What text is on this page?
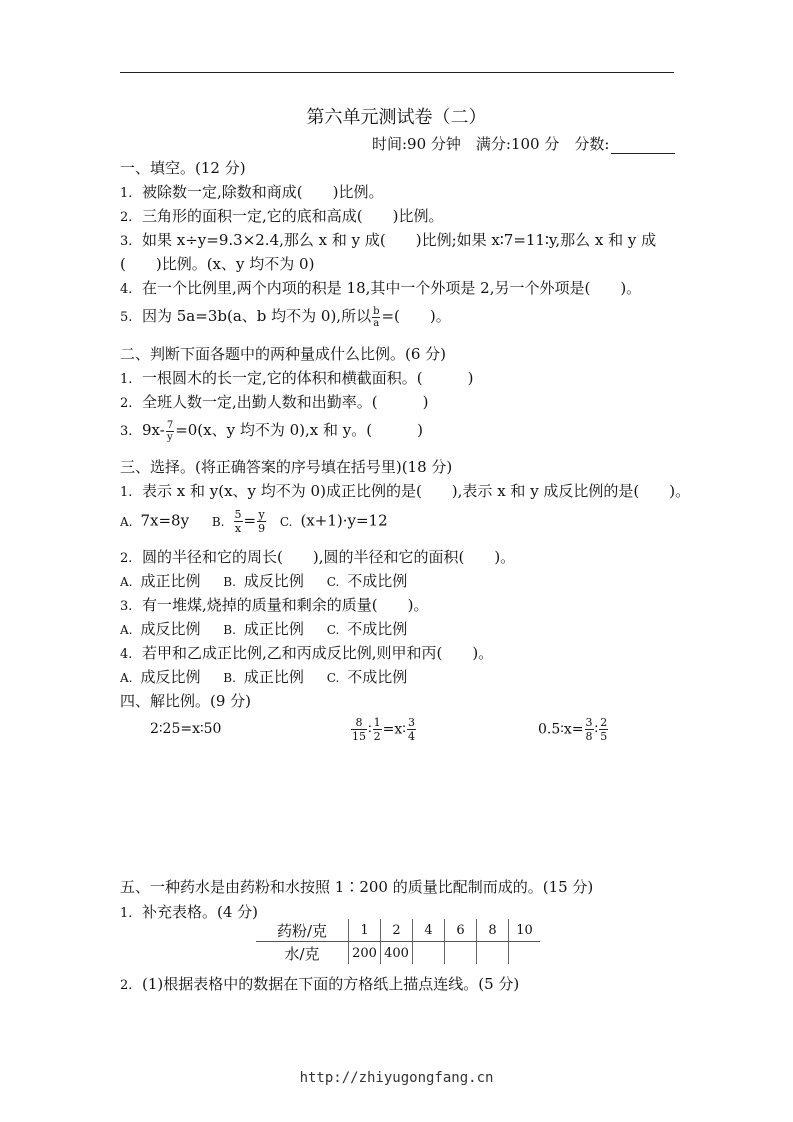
第六单元测试卷（二）
时间:90 分钟　满分:100 分　分数:
一、填空。(12 分)
1. 被除数一定,除数和商成(　　)比例。
2. 三角形的面积一定,它的底和高成(　　)比例。
3. 如果 x÷y=9.3×2.4,那么 x 和 y 成(　　)比例;如果 x∶7=11∶y,那么 x 和 y 成
(　　)比例。(x、y 均不为 0)
4. 在一个比例里,两个内项的积是 18,其中一个外项是 2,另一个外项是(　　)。
5. 因为 5a=3b(a、b 均不为 0),所以 $\frac{b}{a}$ =(　　)。
二、判断下面各题中的两种量成什么比例。(6 分)
1. 一根圆木的长一定,它的体积和横截面积。(　　　)
2. 全班人数一定,出勤人数和出勤率。(　　　)
3. $9x- \frac{7}{y} =0(x$、y 均不为 0),x 和 y。(　　　)
三、选择。(将正确答案的序号填在括号里)(18 分)
1. 表示 x 和 y(x、y 均不为 0)成正比例的是(　　),表示 x 和 y 成反比例的是(　　)。
A. 7x=8y B. $\frac{5}{x} = \frac{y}{9} C$. (x+1)·y=12
2. 圆的半径和它的周长(　　),圆的半径和它的面积(　　)。
A. 成正比例 B. 成反比例 C. 不成比例
3. 有一堆煤,烧掉的质量和剩余的质量(　　)。
A. 成反比例 B. 成正比例 C. 不成比例
4. 若甲和乙成正比例,乙和丙成反比例,则甲和丙(　　)。
A. 成反比例 B. 成正比例 C. 不成比例
四、解比例。(9 分)
2∶25=x∶50	$\frac{8}{15}$ ∶ $\frac{1}{2}$ =x∶ $\frac{3}{4}$	0.5∶x= $\frac{3}{8}$ ∶ $\frac{2}{5}$
五、一种药水是由药粉和水按照 1∶200 的质量比配制而成的。(15 分)
1. 补充表格。(4 分)
药粉/克	1	2	4	6	8	10
水/克	200	400				
2. (1)根据表格中的数据在下面的方格纸上描点连线。(5 分)
http://zhiyugongfang.cn
